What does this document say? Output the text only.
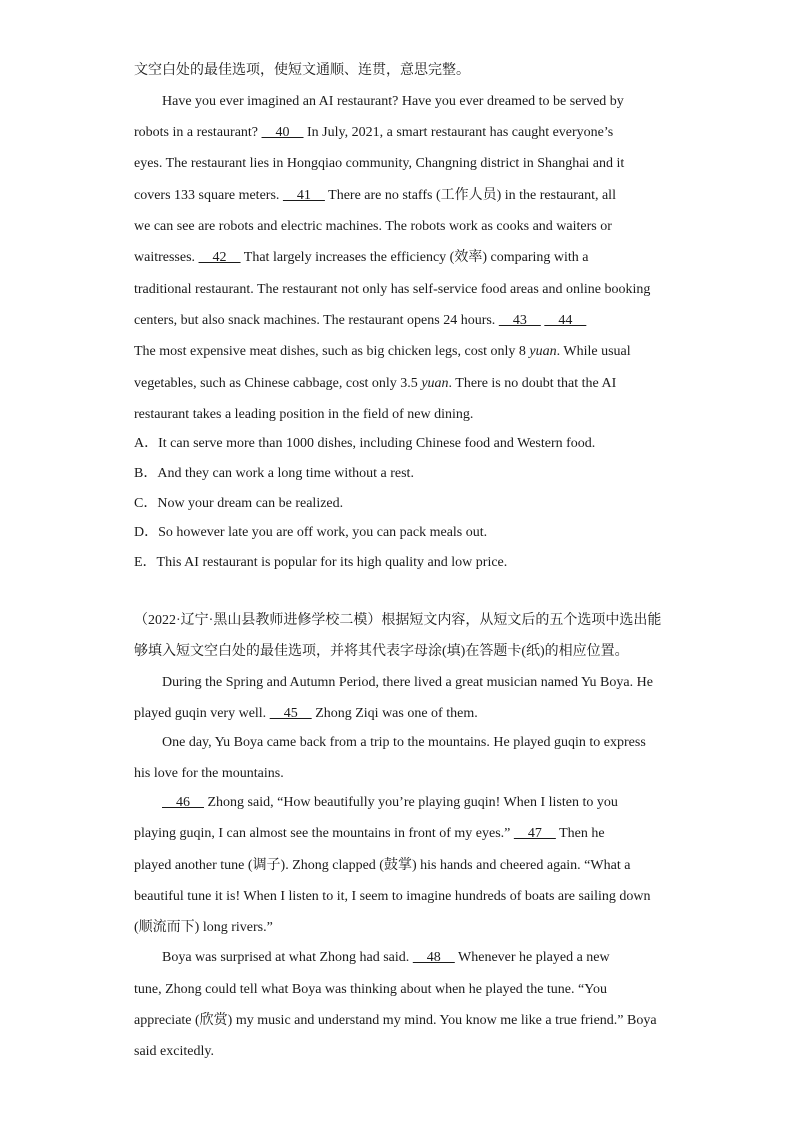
文空白处的最佳选项，使短文通顺、连贯，意思完整。
Have you ever imagined an AI restaurant? Have you ever dreamed to be served by
robots in a restaurant?     40     In July, 2021, a smart restaurant has caught everyone’s
eyes. The restaurant lies in Hongqiao community, Changning district in Shanghai and it
covers 133 square meters.     41     There are no staffs (工作人员) in the restaurant, all
we can see are robots and electric machines. The robots work as cooks and waiters or
waitresses.     42     That largely increases the efficiency (效率) comparing with a
traditional restaurant. The restaurant not only has self-service food areas and online booking
centers, but also snack machines. The restaurant opens 24 hours.     43         44
The most expensive meat dishes, such as big chicken legs, cost only 8 yuan. While usual
vegetables, such as Chinese cabbage, cost only 3.5 yuan. There is no doubt that the AI
restaurant takes a leading position in the field of new dining.
A．It can serve more than 1000 dishes, including Chinese food and Western food.
B．And they can work a long time without a rest.
C．Now your dream can be realized.
D．So however late you are off work, you can pack meals out.
E．This AI restaurant is popular for its high quality and low price.
（2022·辽宁·黑山县教师进修学校二模）根据短文内容，从短文后的五个选项中选出能
够填入短文空白处的最佳选项，并将其代表字母涂(填)在答题卡(纸)的相应位置。
During the Spring and Autumn Period, there lived a great musician named Yu Boya. He
played guqin very well.     45     Zhong Ziqi was one of them.
One day, Yu Boya came back from a trip to the mountains. He played guqin to express
his love for the mountains.
46     Zhong said, “How beautifully you’re playing guqin! When I listen to you
playing guqin, I can almost see the mountains in front of my eyes.”     47     Then he
played another tune (调子). Zhong clapped (鼓掌) his hands and cheered again. “What a
beautiful tune it is! When I listen to it, I seem to imagine hundreds of boats are sailing down
(顺流而下) long rivers.”
Boya was surprised at what Zhong had said.     48     Whenever he played a new
tune, Zhong could tell what Boya was thinking about when he played the tune. “You
appreciate (欣赏) my music and understand my mind. You know me like a true friend.” Boya
said excitedly.
